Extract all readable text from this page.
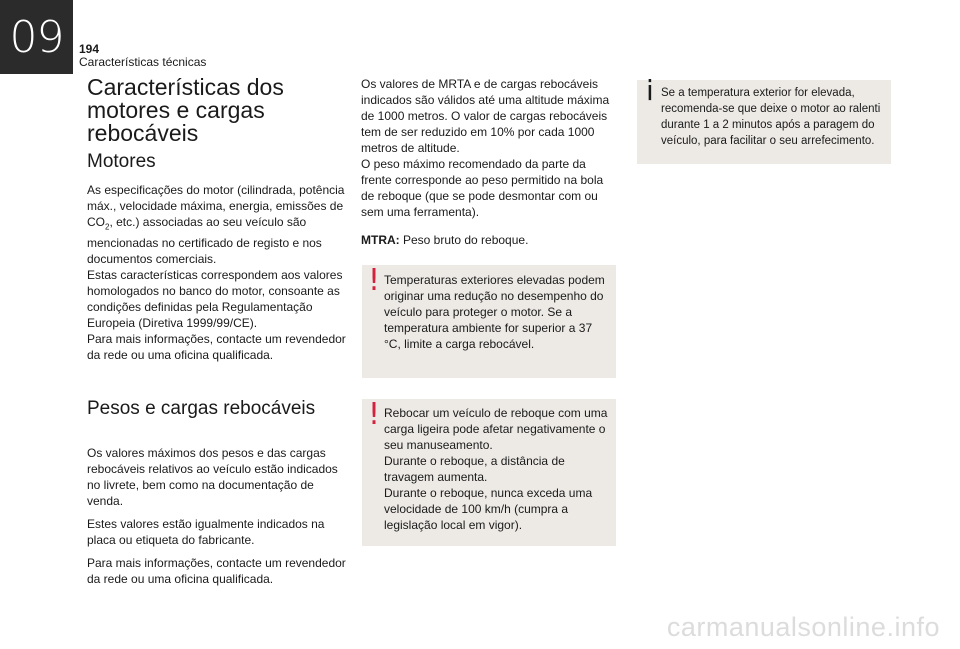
09 194
Características técnicas
Características dos motores e cargas rebocáveis
Motores

As especificações do motor (cilindrada, potência máx., velocidade máxima, energia, emissões de $CO_2$, etc.) associadas ao seu veículo são mencionadas no certificado de registo e nos documentos comerciais.

Estas características correspondem aos valores homologados no banco do motor, consoante as condições definidas pela Regulamentação Europeia (Diretiva 1999/99/CE).

Para mais informações, contacte um revendedor da rede ou uma oficina qualificada.

Pesos e cargas rebocáveis

Os valores máximos dos pesos e das cargas rebocáveis relativos ao veículo estão indicados no livrete, bem como na documentação de venda.

Estes valores estão igualmente indicados na placa ou etiqueta do fabricante.

Para mais informações, contacte um revendedor da rede ou uma oficina qualificada.

Os valores de MRTA e de cargas rebocáveis indicados são válidos até uma altitude máxima de 1000 metros. O valor de cargas rebocáveis tem de ser reduzido em 10% por cada 1000 metros de altitude.

O peso máximo recomendado da parte da frente corresponde ao peso permitido na bola de reboque (que se pode desmontar com ou sem uma ferramenta).

MTRA: Peso bruto do reboque.

! Temperaturas exteriores elevadas podem originar uma redução no desempenho do veículo para proteger o motor. Se a temperatura ambiente for superior a 37 °C, limite a carga rebocável.
! Rebocar um veículo de reboque com uma carga ligeira pode afetar negativamente o seu manuseamento.
Durante o reboque, a distância de travagem aumenta.
Durante o reboque, nunca exceda uma velocidade de 100 km/h (cumpra a legislação local em vigor).
i Se a temperatura exterior for elevada, recomenda-se que deixe o motor ao ralenti durante 1 a 2 minutos após a paragem do veículo, para facilitar o seu arrefecimento.
carmanualsonline.info
